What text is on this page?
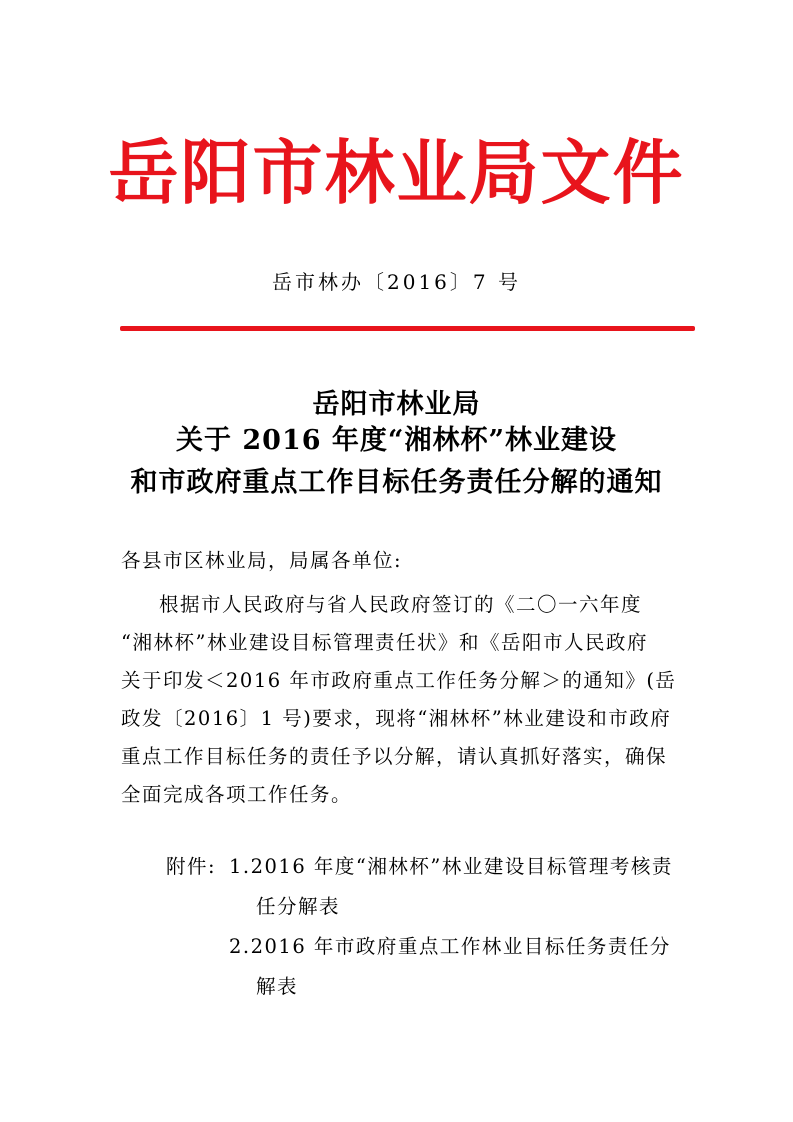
岳阳市林业局文件
岳市林办〔2016〕7 号
岳阳市林业局
关于 2016 年度“湘林杯”林业建设
和市政府重点工作目标任务责任分解的通知
各县市区林业局，局属各单位:
根据市人民政府与省人民政府签订的《二〇一六年度
“湘林杯”林业建设目标管理责任状》和《岳阳市人民政府
关于印发＜2016 年市政府重点工作任务分解＞的通知》(岳
政发〔2016〕1 号)要求，现将“湘林杯”林业建设和市政府
重点工作目标任务的责任予以分解，请认真抓好落实，确保
全面完成各项工作任务。
附件: 1.2016 年度“湘林杯”林业建设目标管理考核责
任分解表
2.2016 年市政府重点工作林业目标任务责任分
解表
